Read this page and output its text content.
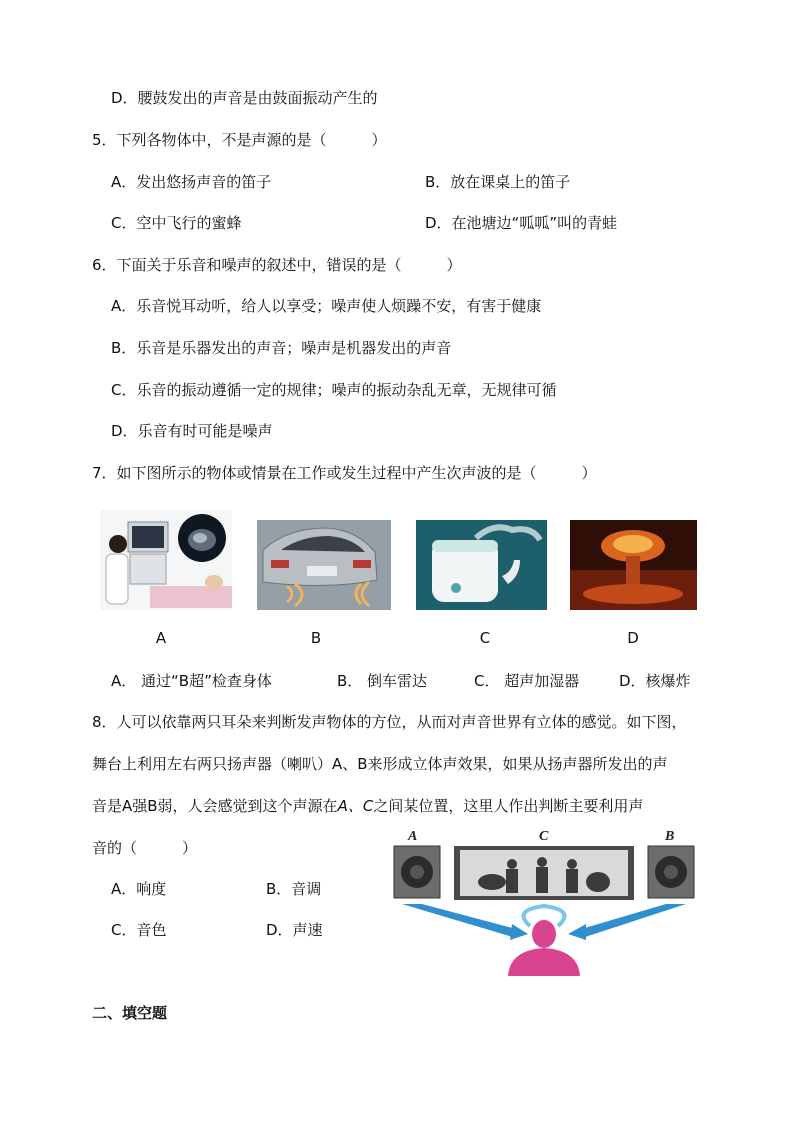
D．腰鼓发出的声音是由鼓面振动产生的
5．下列各物体中，不是声源的是（　　　）
A．发出悠扬声音的笛子	B．放在课桌上的笛子
C．空中飞行的蜜蜂	D．在池塘边“呱呱”叫的青蛙
6．下面关于乐音和噪声的叙述中，错误的是（　　　）
A．乐音悦耳动听，给人以享受；噪声使人烦躁不安，有害于健康
B．乐音是乐器发出的声音；噪声是机器发出的声音
C．乐音的振动遵循一定的规律；噪声的振动杂乱无章，无规律可循
D．乐音有时可能是噪声
7．如下图所示的物体或情景在工作或发生过程中产生次声波的是（　　　）
A	B	C	D
A． 通过“B超”检查身体	B． 倒车雷达	C． 超声加湿器	D．核爆炸
8．人可以依靠两只耳朵来判断发声物体的方位，从而对声音世界有立体的感觉。如下图，
舞台上利用左右两只扬声器（喇叭）A、B来形成立体声效果，如果从扬声器所发出的声
音是A强B弱，人会感觉到这个声源在A、C之间某位置，这里人作出判断主要利用声
音的（　　　）
A．响度	B．音调
C．音色	D．声速
A	C	B
二、填空题
